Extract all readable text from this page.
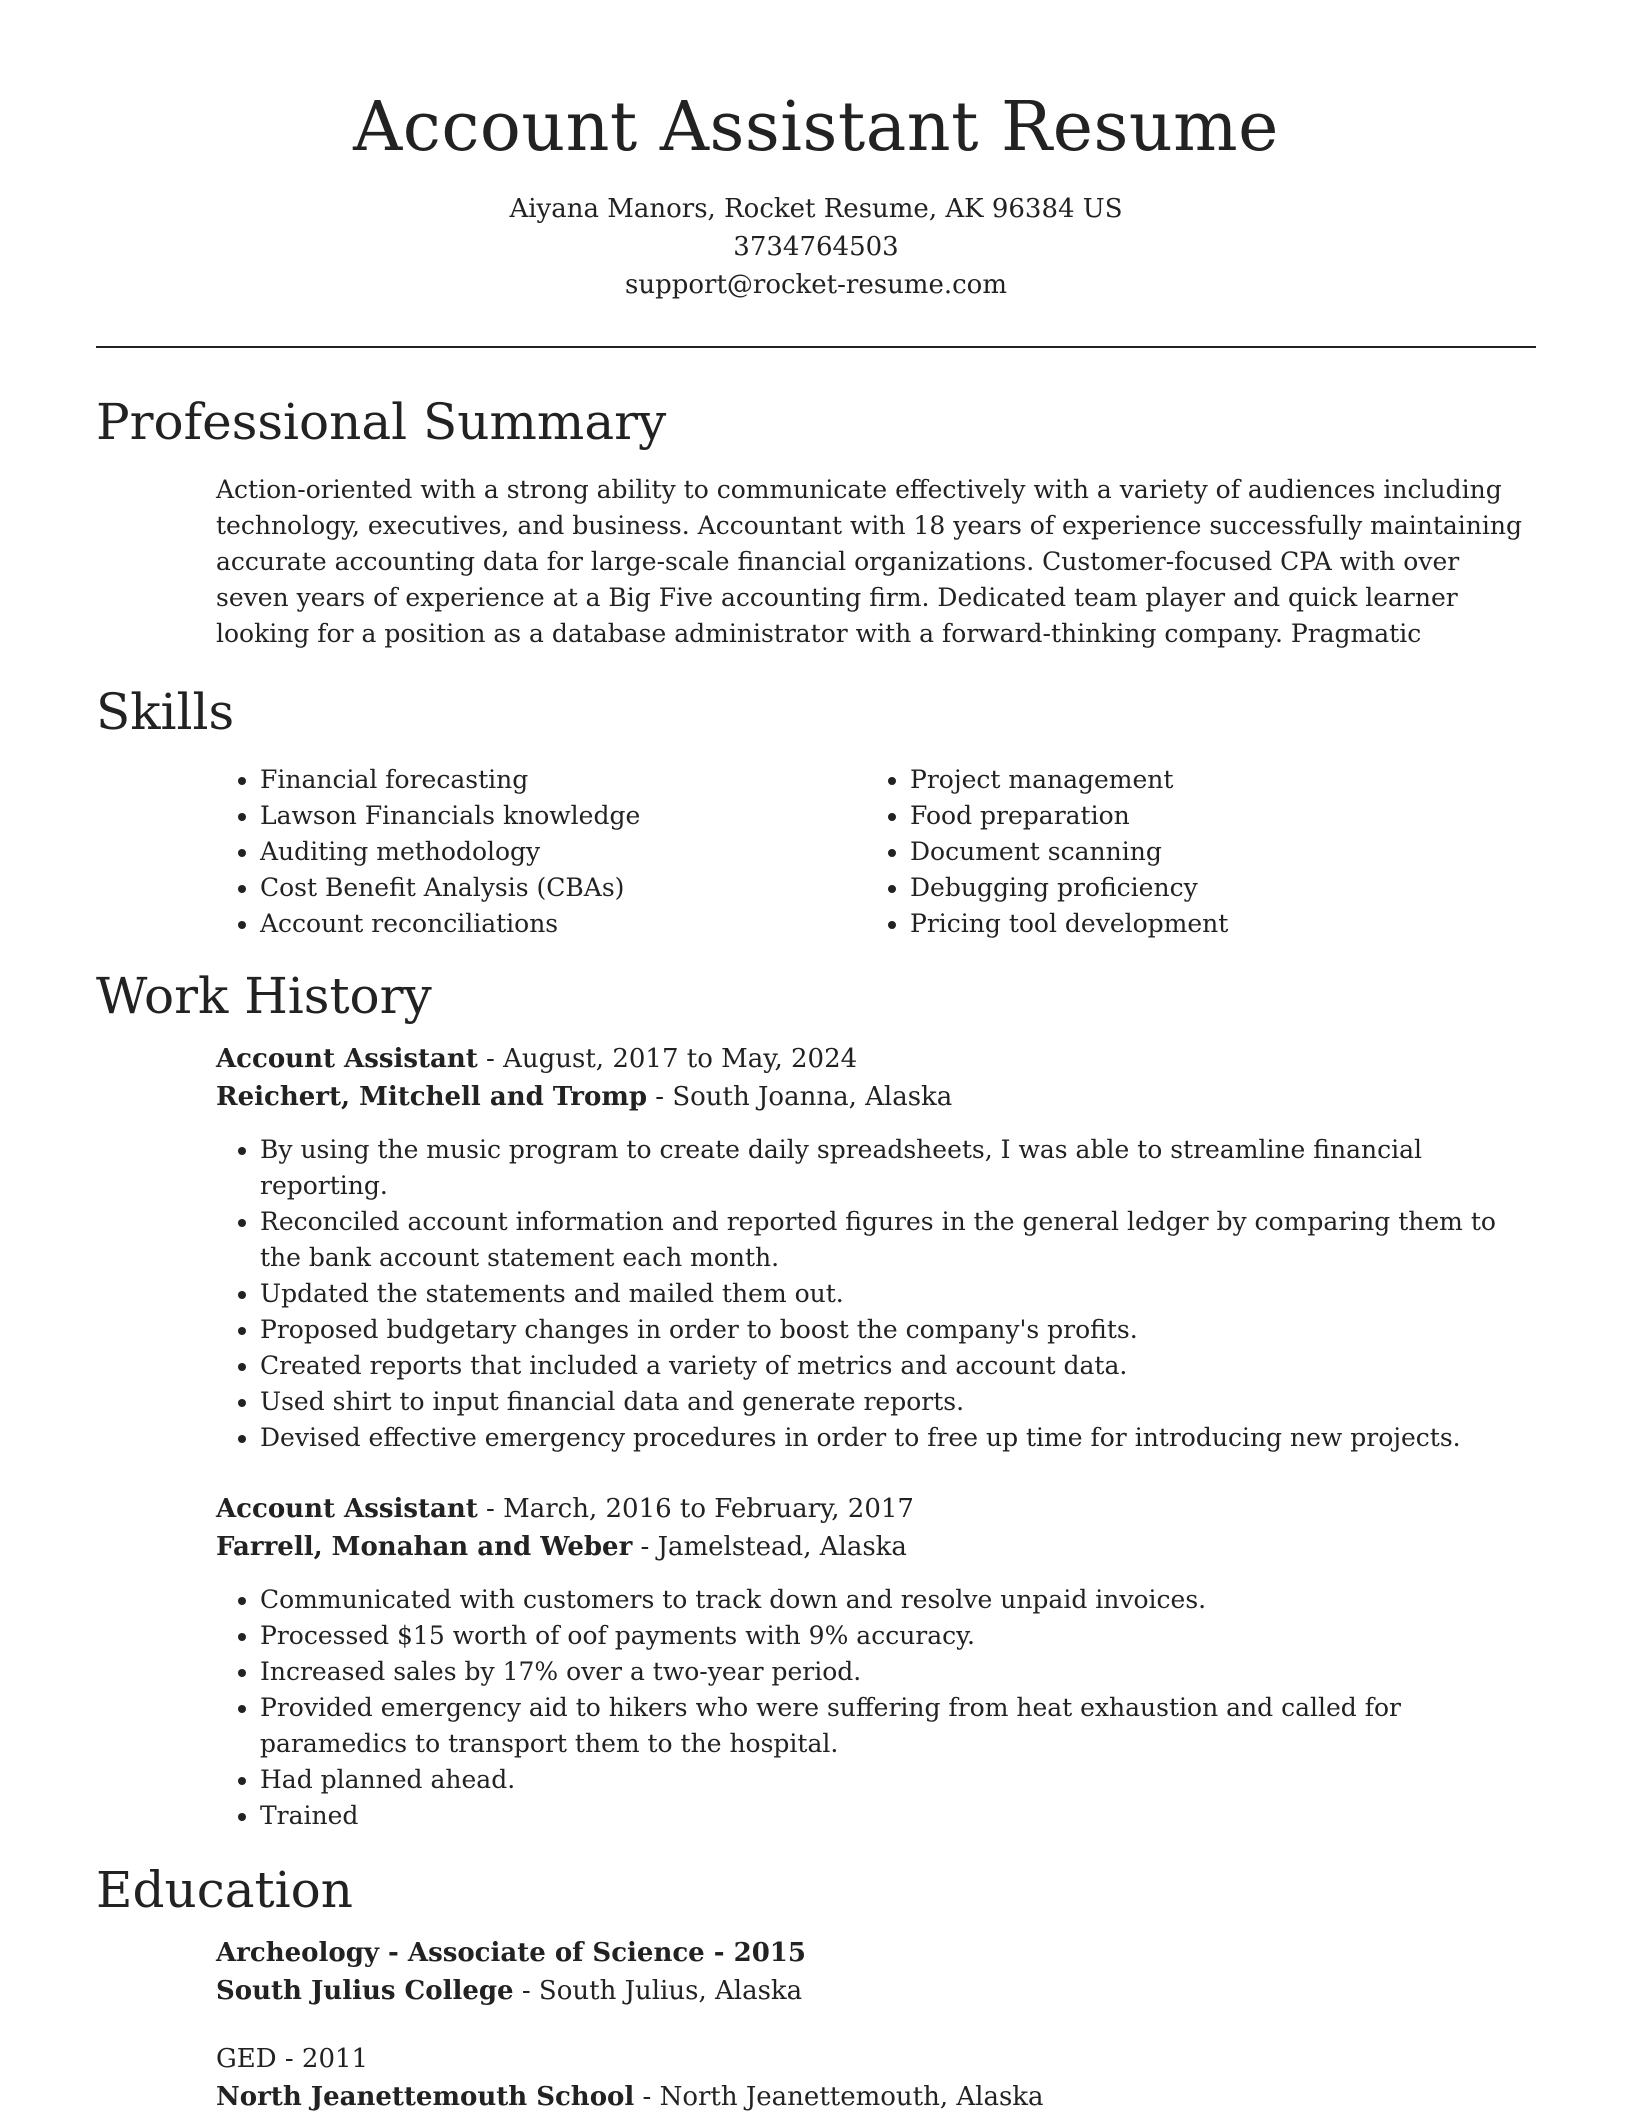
Account Assistant Resume
Aiyana Manors, Rocket Resume, AK 96384 US
3734764503
support@rocket-resume.com
Professional Summary
Action-oriented with a strong ability to communicate effectively with a variety of audiences including technology, executives, and business. Accountant with 18 years of experience successfully maintaining accurate accounting data for large-scale financial organizations. Customer-focused CPA with over seven years of experience at a Big Five accounting firm. Dedicated team player and quick learner looking for a position as a database administrator with a forward-thinking company. Pragmatic
Skills
• Financial forecasting
• Lawson Financials knowledge
• Auditing methodology
• Cost Benefit Analysis (CBAs)
• Account reconciliations
• Project management
• Food preparation
• Document scanning
• Debugging proficiency
• Pricing tool development
Work History
Account Assistant - August, 2017 to May, 2024
Reichert, Mitchell and Tromp - South Joanna, Alaska
• By using the music program to create daily spreadsheets, I was able to streamline financial reporting.
• Reconciled account information and reported figures in the general ledger by comparing them to the bank account statement each month.
• Updated the statements and mailed them out.
• Proposed budgetary changes in order to boost the company's profits.
• Created reports that included a variety of metrics and account data.
• Used shirt to input financial data and generate reports.
• Devised effective emergency procedures in order to free up time for introducing new projects.
Account Assistant - March, 2016 to February, 2017
Farrell, Monahan and Weber - Jamelstead, Alaska
• Communicated with customers to track down and resolve unpaid invoices.
• Processed $15 worth of oof payments with 9% accuracy.
• Increased sales by 17% over a two-year period.
• Provided emergency aid to hikers who were suffering from heat exhaustion and called for paramedics to transport them to the hospital.
• Had planned ahead.
• Trained
Education
Archeology - Associate of Science - 2015
South Julius College - South Julius, Alaska
GED - 2011
North Jeanettemouth School - North Jeanettemouth, Alaska
